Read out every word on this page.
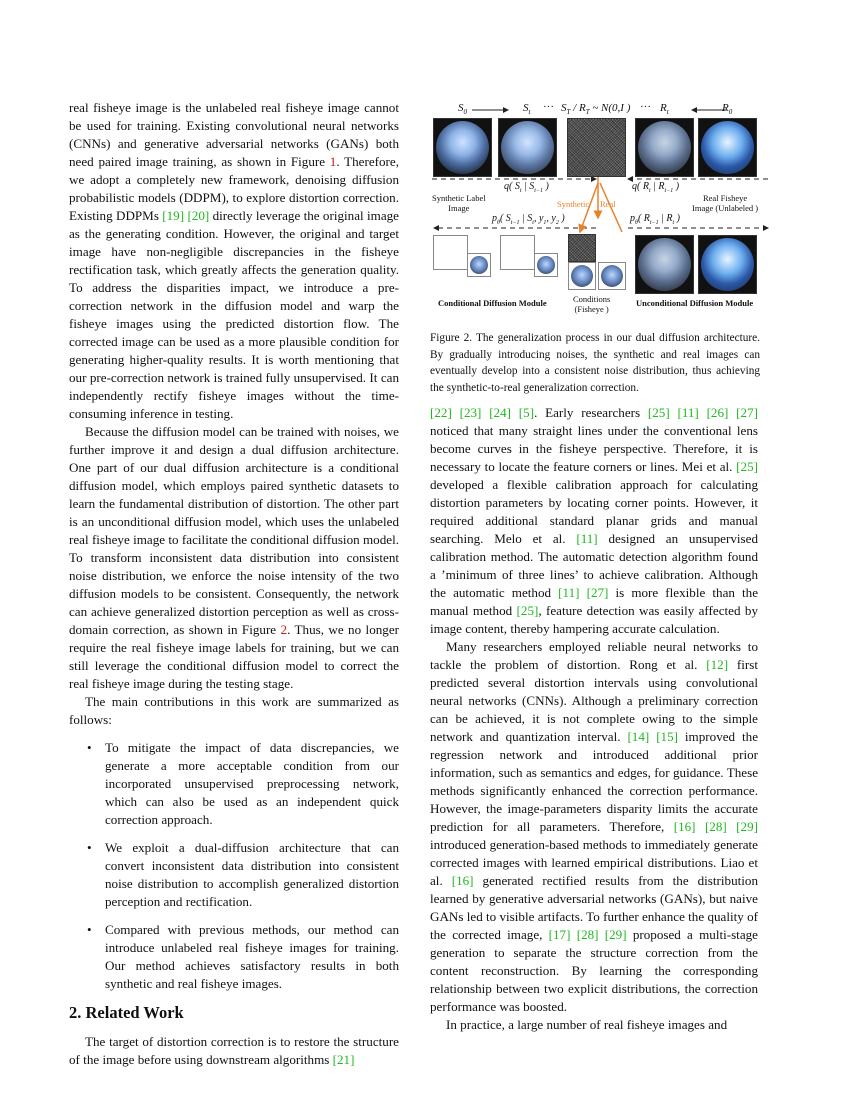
real fisheye image is the unlabeled real fisheye image cannot be used for training. Existing convolutional neural networks (CNNs) and generative adversarial networks (GANs) both need paired image training, as shown in Figure 1. Therefore, we adopt a completely new framework, denoising diffusion probabilistic models (DDPM), to explore distortion correction. Existing DDPMs [19] [20] directly leverage the original image as the generating condition. However, the original and target image have non-negligible discrepancies in the fisheye rectification task, which greatly affects the generation quality. To address the disparities impact, we introduce a pre-correction network in the diffusion model and warp the fisheye images using the predicted distortion flow. The corrected image can be used as a more plausible condition for generating higher-quality results. It is worth mentioning that our pre-correction network is trained fully unsupervised. It can independently rectify fisheye images without the time-consuming inference in testing.

Because the diffusion model can be trained with noises, we further improve it and design a dual diffusion architecture. One part of our dual diffusion architecture is a conditional diffusion model, which employs paired synthetic datasets to learn the fundamental distribution of distortion. The other part is an unconditional diffusion model, which uses the unlabeled real fisheye image to facilitate the conditional diffusion model. To transform inconsistent data distribution into consistent noise distribution, we enforce the noise intensity of the two diffusion models to be consistent. Consequently, the network can achieve generalized distortion perception as well as cross-domain correction, as shown in Figure 2. Thus, we no longer require the real fisheye image labels for training, but we can still leverage the conditional diffusion model to correct the real fisheye image during the testing stage.

The main contributions in this work are summarized as follows:

• To mitigate the impact of data discrepancies, we generate a more acceptable condition from our incorporated unsupervised preprocessing network, which can also be used as an independent quick correction approach.
• We exploit a dual-diffusion architecture that can convert inconsistent data distribution into consistent noise distribution to accomplish generalized distortion perception and rectification.
• Compared with previous methods, our method can introduce unlabeled real fisheye images for training. Our method achieves satisfactory results in both synthetic and real fisheye images.
2. Related Work

The target of distortion correction is to restore the structure of the image before using downstream algorithms [21]

$S_0$	$S_t$ ··· $S_T / R_T$ ~ N(0,I ) ··· $R_t$	$R_0$
q( $S_t$ | $S_{t-1}$ )	q( $R_t$ | $R_{t-1}$ )
Synthetic Label
Image
Real Fisheye
Image (Unlabeled )
Synthetic Real
$p_\theta$( $S_{t-1}$ | $S_t$, $y_1$, $y_2$ )	$p_\theta$( $R_{t-1}$ | $R_t$ )
Conditions
(Fisheye )
Conditional Diffusion Module	Unconditional Diffusion Module
Figure 2. The generalization process in our dual diffusion architecture. By gradually introducing noises, the synthetic and real images can eventually develop into a consistent noise distribution, thus achieving the synthetic-to-real generalization correction.

[22] [23] [24] [5]. Early researchers [25] [11] [26] [27] noticed that many straight lines under the conventional lens become curves in the fisheye perspective. Therefore, it is necessary to locate the feature corners or lines. Mei et al. [25] developed a flexible calibration approach for calculating distortion parameters by locating corner points. However, it required additional standard planar grids and manual searching. Melo et al. [11] designed an unsupervised calibration method. The automatic detection algorithm found a ’minimum of three lines’ to achieve calibration. Although the automatic method [11] [27] is more flexible than the manual method [25], feature detection was easily affected by image content, thereby hampering accurate calculation.

Many researchers employed reliable neural networks to tackle the problem of distortion. Rong et al. [12] first predicted several distortion intervals using convolutional neural networks (CNNs). Although a preliminary correction can be achieved, it is not complete owing to the simple network and quantization interval. [14] [15] improved the regression network and introduced additional prior information, such as semantics and edges, for guidance. These methods significantly enhanced the correction performance. However, the image-parameters disparity limits the accurate prediction for all parameters. Therefore, [16] [28] [29] introduced generation-based methods to immediately generate corrected images with learned empirical distributions. Liao et al. [16] generated rectified results from the distribution learned by generative adversarial networks (GANs), but naive GANs led to visible artifacts. To further enhance the quality of the corrected image, [17] [28] [29] proposed a multi-stage generation to separate the structure correction from the content reconstruction. By learning the corresponding relationship between two explicit distributions, the correction performance was boosted.

In practice, a large number of real fisheye images and
